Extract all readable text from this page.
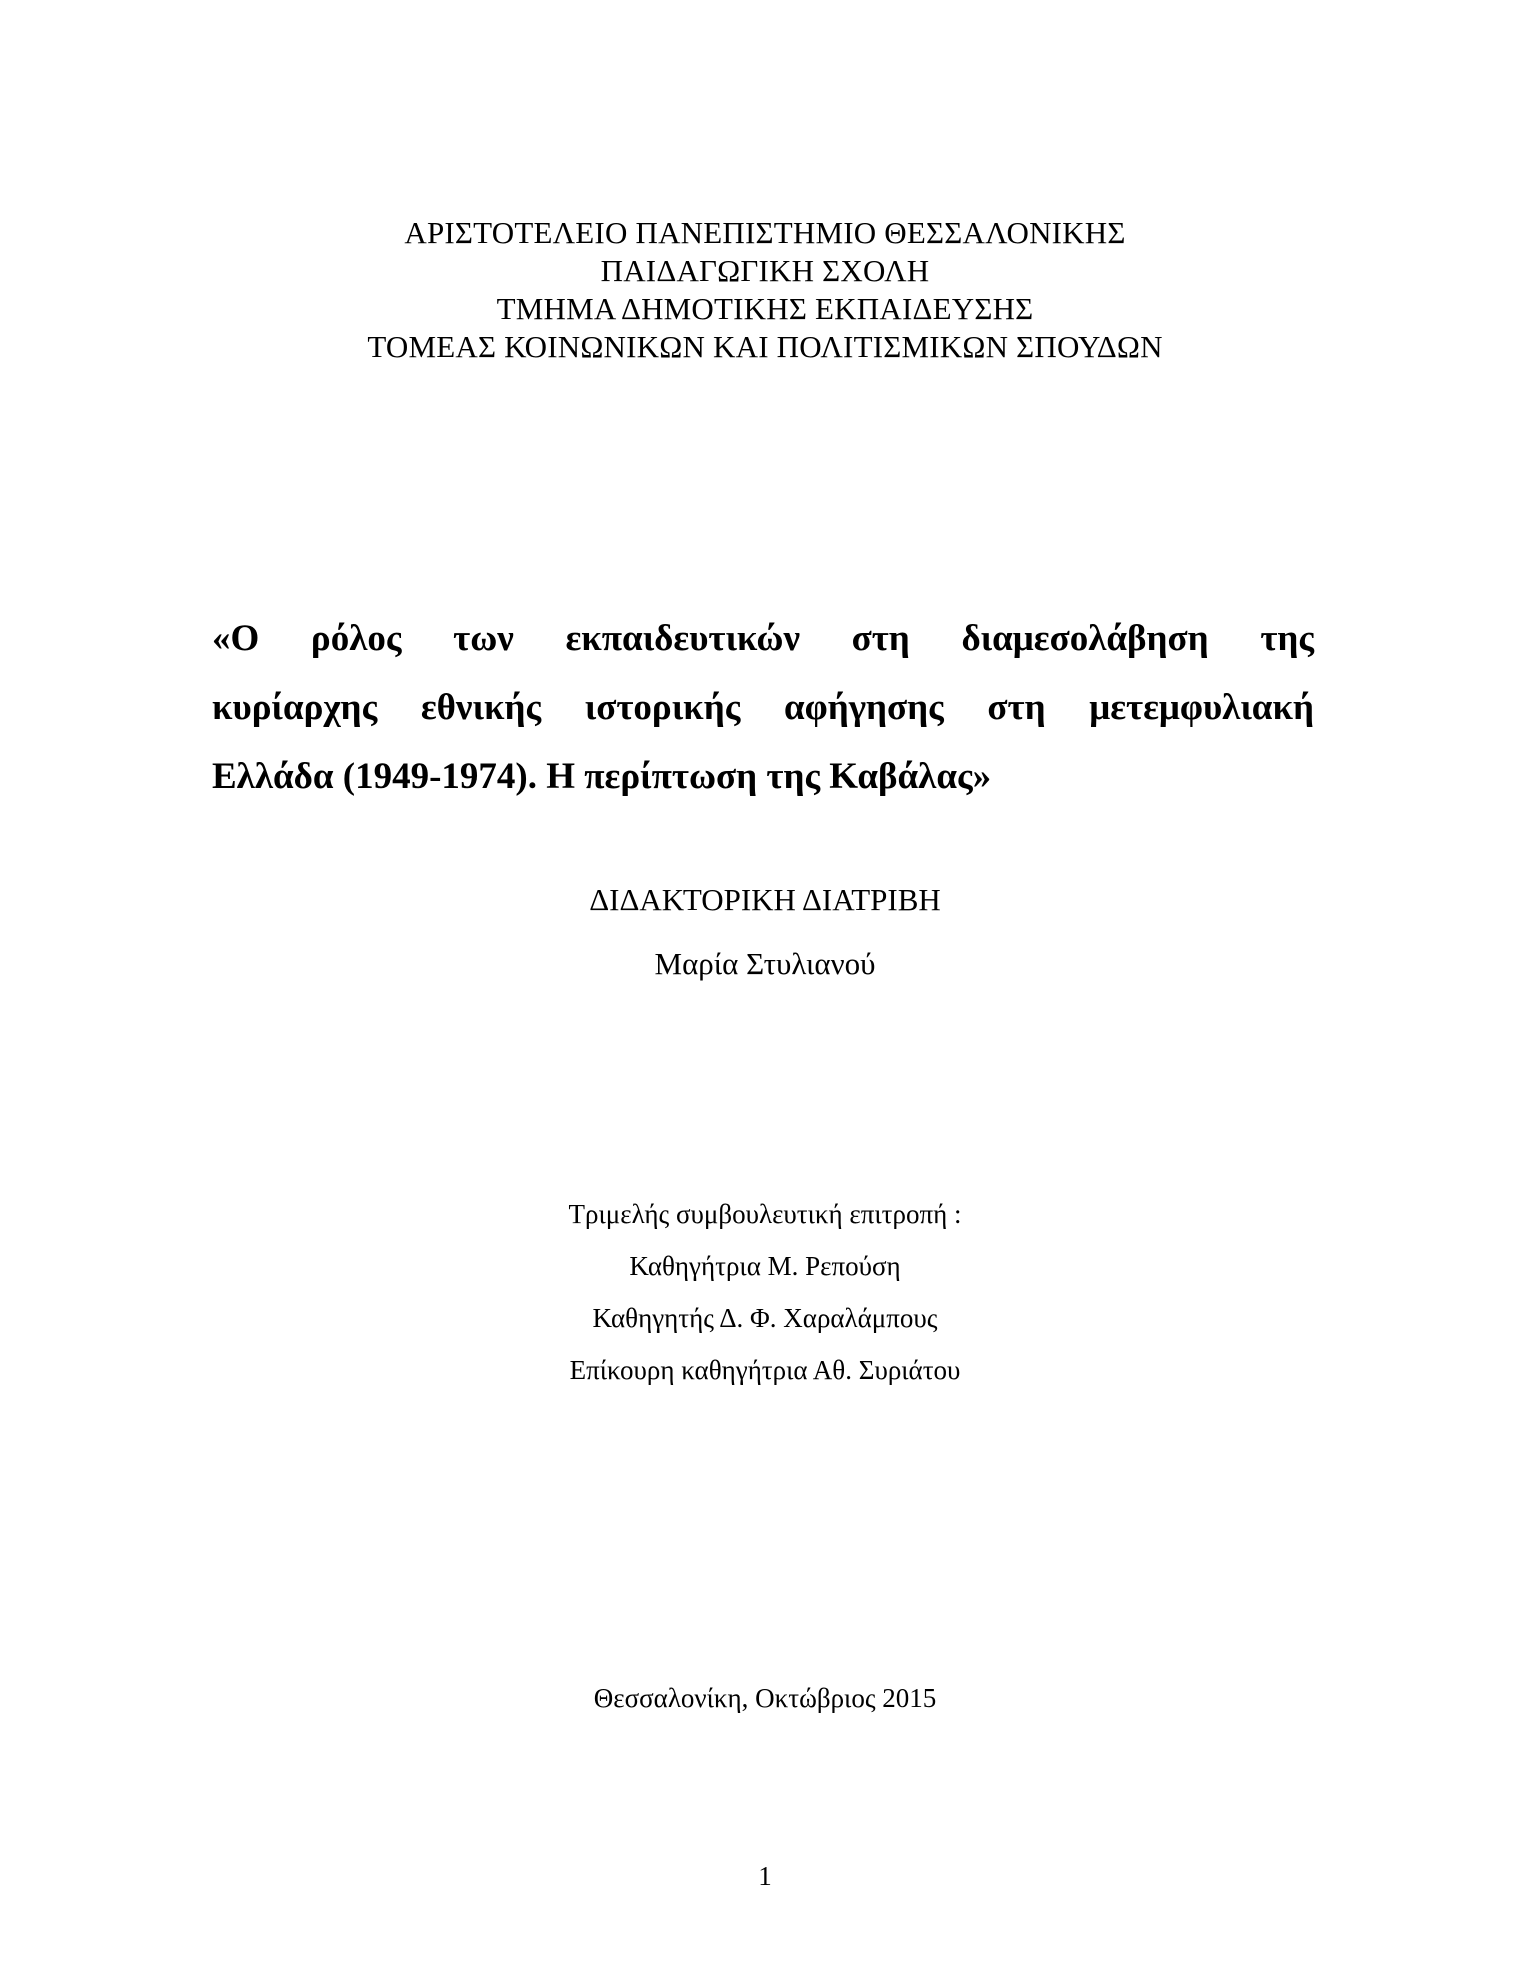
ΑΡΙΣΤΟΤΕΛΕΙΟ ΠΑΝΕΠΙΣΤΗΜΙΟ ΘΕΣΣΑΛΟΝΙΚΗΣ
ΠΑΙΔΑΓΩΓΙΚΗ ΣΧΟΛΗ
ΤΜΗΜΑ ΔΗΜΟΤΙΚΗΣ ΕΚΠΑΙΔΕΥΣΗΣ
ΤΟΜΕΑΣ ΚΟΙΝΩΝΙΚΩΝ ΚΑΙ ΠΟΛΙΤΙΣΜΙΚΩΝ ΣΠΟΥΔΩΝ
«Ο ρόλος των εκπαιδευτικών στη διαμεσολάβηση της
κυρίαρχης εθνικής ιστορικής αφήγησης στη μετεμφυλιακή
Ελλάδα (1949-1974). Η περίπτωση της Καβάλας»
ΔΙΔΑΚΤΟΡΙΚΗ ΔΙΑΤΡΙΒΗ
Μαρία Στυλιανού
Τριμελής συμβουλευτική επιτροπή :
Καθηγήτρια Μ. Ρεπούση
Καθηγητής Δ. Φ. Χαραλάμπους
Επίκουρη καθηγήτρια Αθ. Συριάτου
Θεσσαλονίκη, Οκτώβριος 2015
1
